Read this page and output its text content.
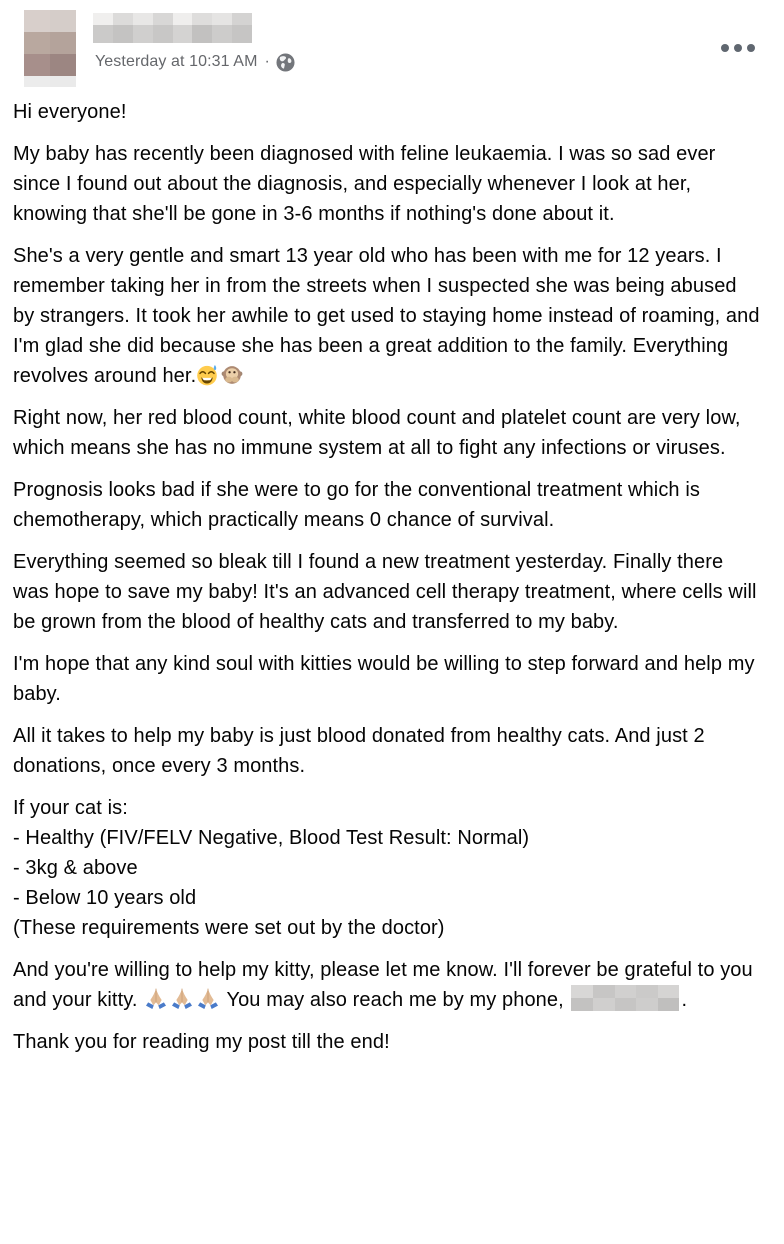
Yesterday at 10:31 AM ·

Hi everyone!

My baby has recently been diagnosed with feline leukaemia. I was so sad ever since I found out about the diagnosis, and especially whenever I look at her, knowing that she'll be gone in 3-6 months if nothing's done about it.

She's a very gentle and smart 13 year old who has been with me for 12 years. I remember taking her in from the streets when I suspected she was being abused by strangers. It took her awhile to get used to staying home instead of roaming, and I'm glad she did because she has been a great addition to the family. Everything revolves around her.

Right now, her red blood count, white blood count and platelet count are very low, which means she has no immune system at all to fight any infections or viruses.

Prognosis looks bad if she were to go for the conventional treatment which is chemotherapy, which practically means 0 chance of survival.

Everything seemed so bleak till I found a new treatment yesterday. Finally there was hope to save my baby! It's an advanced cell therapy treatment, where cells will be grown from the blood of healthy cats and transferred to my baby.

I'm hope that any kind soul with kitties would be willing to step forward and help my baby.

All it takes to help my baby is just blood donated from healthy cats. And just 2 donations, once every 3 months.

If your cat is:
- Healthy (FIV/FELV Negative, Blood Test Result: Normal)
- 3kg & above
- Below 10 years old
(These requirements were set out by the doctor)

And you're willing to help my kitty, please let me know. I'll forever be grateful to you and your kitty.	You may also reach me by my phone,	.

Thank you for reading my post till the end!
